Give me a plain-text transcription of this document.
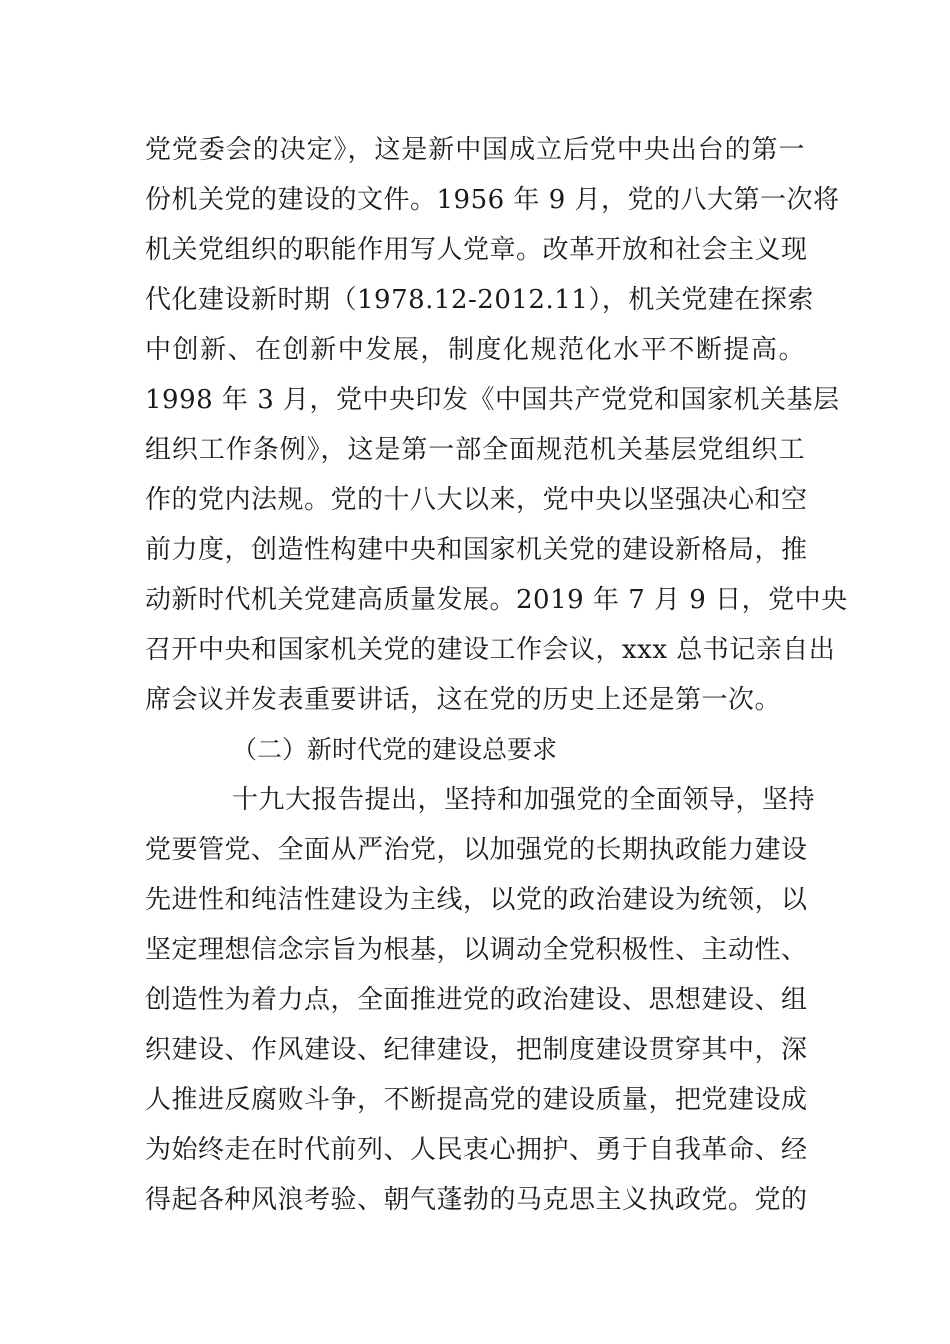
党党委会的决定》，这是新中国成立后党中央出台的第一
份机关党的建设的文件。1956 年 9 月，党的八大第一次将
机关党组织的职能作用写人党章。改革开放和社会主义现
代化建设新时期（1978.12-2012.11），机关党建在探索
中创新、在创新中发展，制度化规范化水平不断提高。
1998 年 3 月，党中央印发《中国共产党党和国家机关基层
组织工作条例》，这是第一部全面规范机关基层党组织工
作的党内法规。党的十八大以来，党中央以坚强决心和空
前力度，创造性构建中央和国家机关党的建设新格局，推
动新时代机关党建高质量发展。2019 年 7 月 9 日，党中央
召开中央和国家机关党的建设工作会议，xxx 总书记亲自出
席会议并发表重要讲话，这在党的历史上还是第一次。
（二）新时代党的建设总要求
十九大报告提出，坚持和加强党的全面领导，坚持
党要管党、全面从严治党，以加强党的长期执政能力建设
先进性和纯洁性建设为主线，以党的政治建设为统领，以
坚定理想信念宗旨为根基，以调动全党积极性、主动性、
创造性为着力点，全面推进党的政治建设、思想建设、组
织建设、作风建设、纪律建设，把制度建设贯穿其中，深
人推进反腐败斗争，不断提高党的建设质量，把党建设成
为始终走在时代前列、人民衷心拥护、勇于自我革命、经
得起各种风浪考验、朝气蓬勃的马克思主义执政党。党的
